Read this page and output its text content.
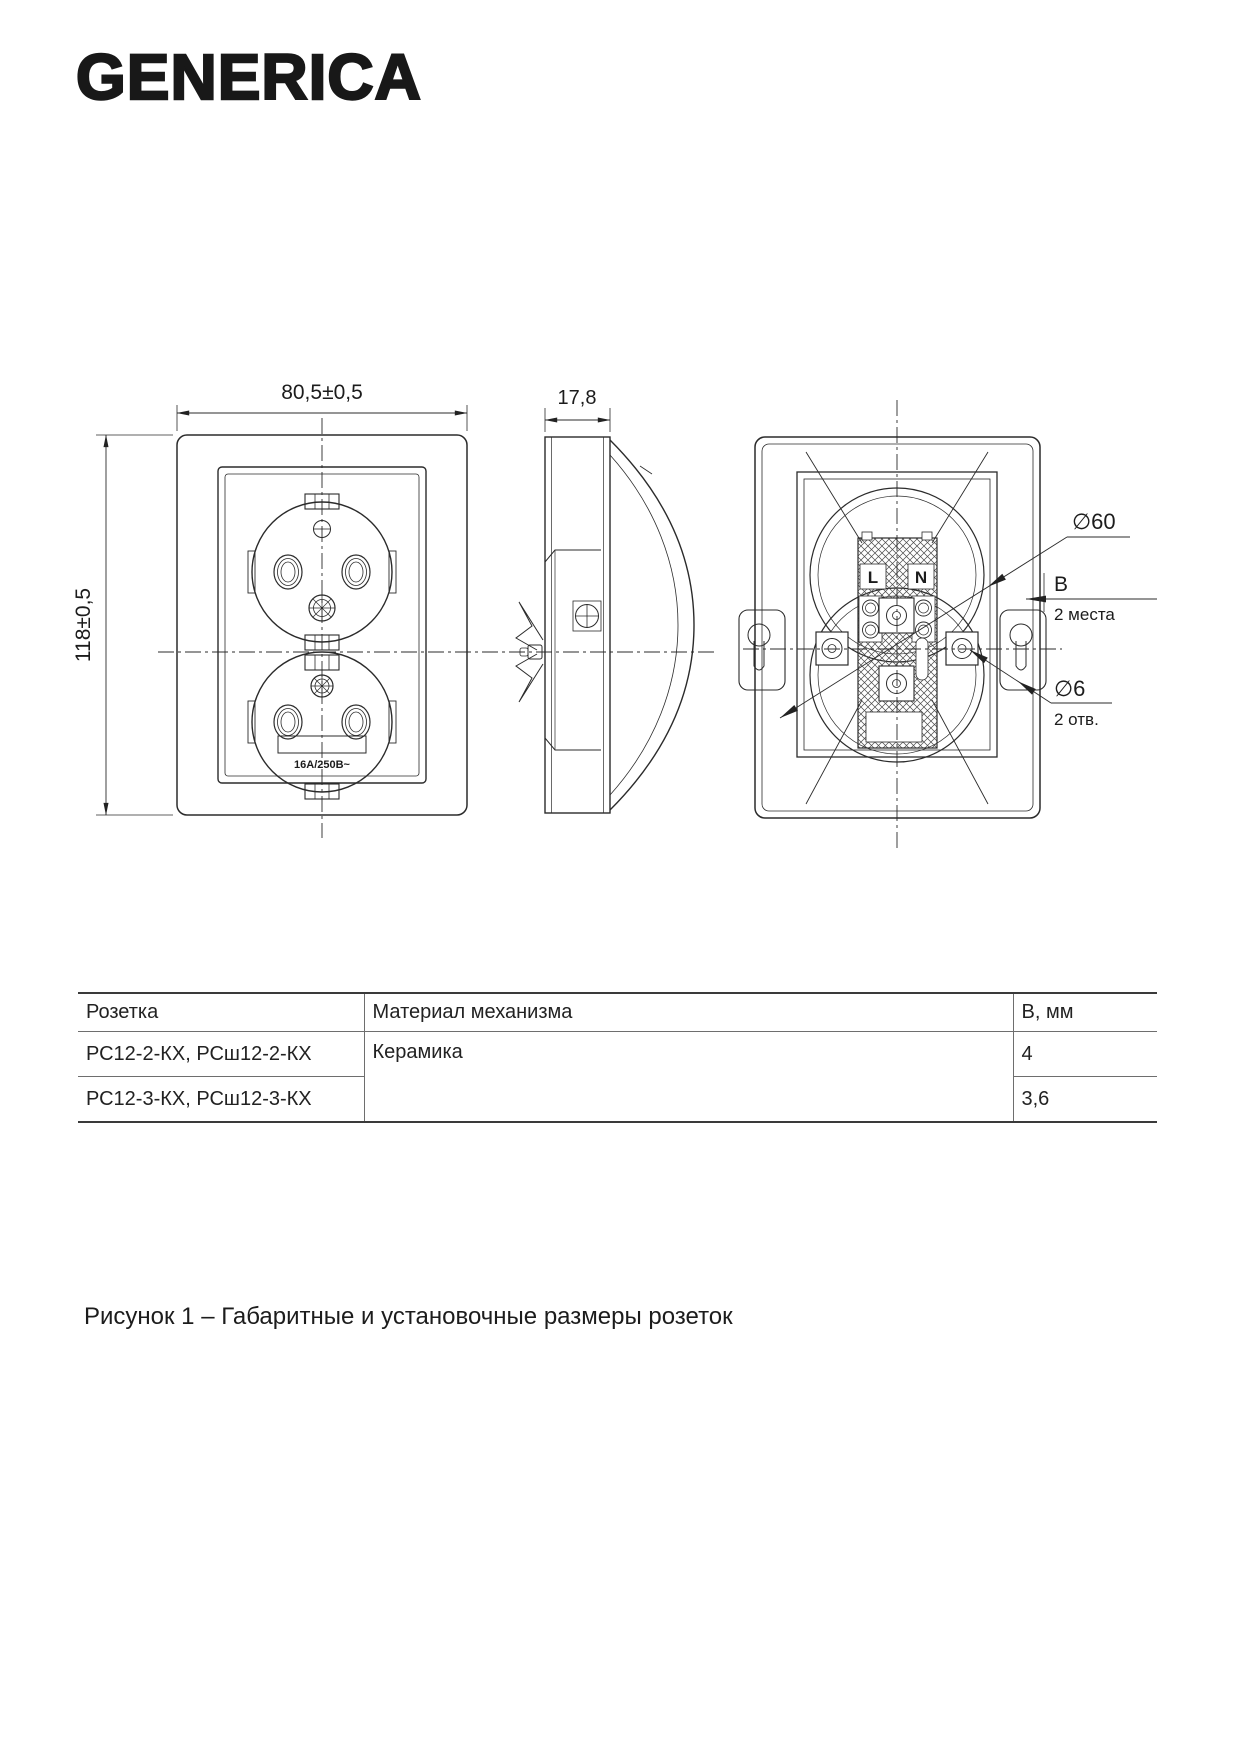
GENERICA
16А/250В~
80,5±0,5
118±0,5
17,8
L N
∅60
В
2 места
∅6
2 отв.
Розетка	Материал механизма	В, мм
РС12-2-КХ, РСш12-2-КХ	Керамика	4
РС12-3-КХ, РСш12-3-КХ		3,6
Рисунок 1 – Габаритные и установочные размеры розеток
